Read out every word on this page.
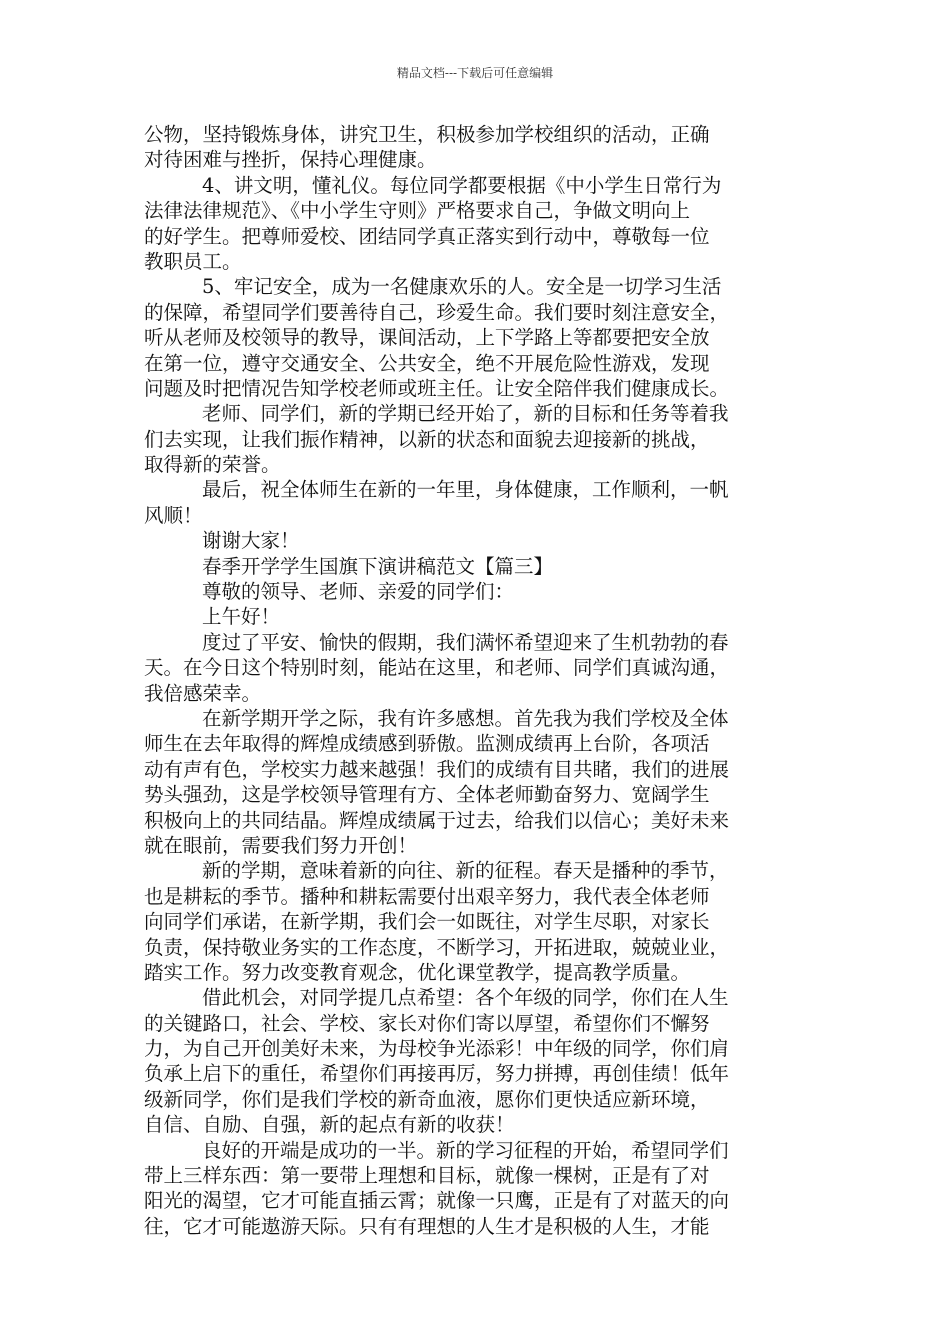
精品文档---下载后可任意编辑
公物，坚持锻炼身体，讲究卫生，积极参加学校组织的活动，正确
对待困难与挫折，保持心理健康。
4、讲文明，懂礼仪。每位同学都要根据《中小学生日常行为
法律法律规范》、《中小学生守则》严格要求自己，争做文明向上
的好学生。把尊师爱校、团结同学真正落实到行动中，尊敬每一位
教职员工。
5、牢记安全，成为一名健康欢乐的人。安全是一切学习生活
的保障，希望同学们要善待自己，珍爱生命。我们要时刻注意安全，
听从老师及校领导的教导，课间活动，上下学路上等都要把安全放
在第一位，遵守交通安全、公共安全，绝不开展危险性游戏，发现
问题及时把情况告知学校老师或班主任。让安全陪伴我们健康成长。
老师、同学们，新的学期已经开始了，新的目标和任务等着我
们去实现，让我们振作精神，以新的状态和面貌去迎接新的挑战，
取得新的荣誉。
最后，祝全体师生在新的一年里，身体健康，工作顺利，一帆
风顺！
谢谢大家！
春季开学学生国旗下演讲稿范文【篇三】
尊敬的领导、老师、亲爱的同学们：
上午好！
度过了平安、愉快的假期，我们满怀希望迎来了生机勃勃的春
天。在今日这个特别时刻，能站在这里，和老师、同学们真诚沟通，
我倍感荣幸。
在新学期开学之际，我有许多感想。首先我为我们学校及全体
师生在去年取得的辉煌成绩感到骄傲。监测成绩再上台阶，各项活
动有声有色，学校实力越来越强！我们的成绩有目共睹，我们的进展
势头强劲，这是学校领导管理有方、全体老师勤奋努力、宽阔学生
积极向上的共同结晶。辉煌成绩属于过去，给我们以信心；美好未来
就在眼前，需要我们努力开创！
新的学期，意味着新的向往、新的征程。春天是播种的季节，
也是耕耘的季节。播种和耕耘需要付出艰辛努力，我代表全体老师
向同学们承诺，在新学期，我们会一如既往，对学生尽职，对家长
负责，保持敬业务实的工作态度，不断学习，开拓进取，兢兢业业，
踏实工作。努力改变教育观念，优化课堂教学，提高教学质量。
借此机会，对同学提几点希望：各个年级的同学，你们在人生
的关键路口，社会、学校、家长对你们寄以厚望，希望你们不懈努
力，为自己开创美好未来，为母校争光添彩！中年级的同学，你们肩
负承上启下的重任，希望你们再接再厉，努力拼搏，再创佳绩！低年
级新同学，你们是我们学校的新奇血液，愿你们更快适应新环境，
自信、自励、自强，新的起点有新的收获！
良好的开端是成功的一半。新的学习征程的开始，希望同学们
带上三样东西：第一要带上理想和目标，就像一棵树，正是有了对
阳光的渴望，它才可能直插云霄；就像一只鹰，正是有了对蓝天的向
往，它才可能遨游天际。只有有理想的人生才是积极的人生，才能
